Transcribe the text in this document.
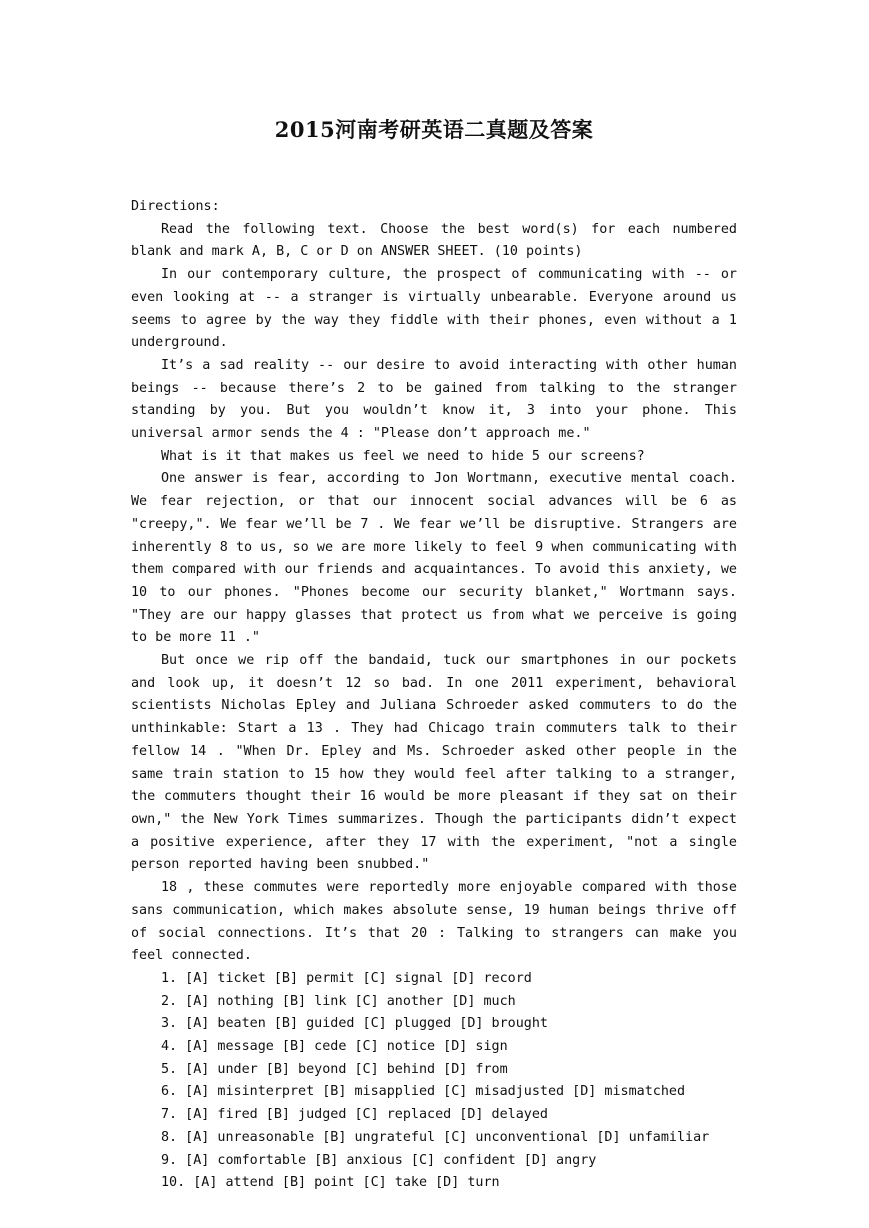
2015河南考研英语二真题及答案

Directions:

Read the following text. Choose the best word(s) for each numbered blank and mark A, B, C or D on ANSWER SHEET. (10 points)

In our contemporary culture, the prospect of communicating with -- or even looking at -- a stranger is virtually unbearable. Everyone around us seems to agree by the way they fiddle with their phones, even without a 1 underground.

It’s a sad reality -- our desire to avoid interacting with other human beings -- because there’s 2 to be gained from talking to the stranger standing by you. But you wouldn’t know it, 3 into your phone. This universal armor sends the 4 : "Please don’t approach me."

What is it that makes us feel we need to hide 5 our screens?

One answer is fear, according to Jon Wortmann, executive mental coach. We fear rejection, or that our innocent social advances will be 6 as "creepy,". We fear we’ll be 7 . We fear we’ll be disruptive. Strangers are inherently 8 to us, so we are more likely to feel 9 when communicating with them compared with our friends and acquaintances. To avoid this anxiety, we 10 to our phones. "Phones become our security blanket," Wortmann says. "They are our happy glasses that protect us from what we perceive is going to be more 11 ."

But once we rip off the bandaid, tuck our smartphones in our pockets and look up, it doesn’t 12 so bad. In one 2011 experiment, behavioral scientists Nicholas Epley and Juliana Schroeder asked commuters to do the unthinkable: Start a 13 . They had Chicago train commuters talk to their fellow 14 . "When Dr. Epley and Ms. Schroeder asked other people in the same train station to 15 how they would feel after talking to a stranger, the commuters thought their 16 would be more pleasant if they sat on their own," the New York Times summarizes. Though the participants didn’t expect a positive experience, after they 17 with the experiment, "not a single person reported having been snubbed."

18 , these commutes were reportedly more enjoyable compared with those sans communication, which makes absolute sense, 19 human beings thrive off of social connections. It’s that 20 : Talking to strangers can make you feel connected.

1. [A] ticket [B] permit [C] signal [D] record

2. [A] nothing [B] link [C] another [D] much

3. [A] beaten [B] guided [C] plugged [D] brought

4. [A] message [B] cede [C] notice [D] sign

5. [A] under [B] beyond [C] behind [D] from

6. [A] misinterpret [B] misapplied [C] misadjusted [D] mismatched

7. [A] fired [B] judged [C] replaced [D] delayed

8. [A] unreasonable [B] ungrateful [C] unconventional [D] unfamiliar

9. [A] comfortable [B] anxious [C] confident [D] angry

10. [A] attend [B] point [C] take [D] turn
